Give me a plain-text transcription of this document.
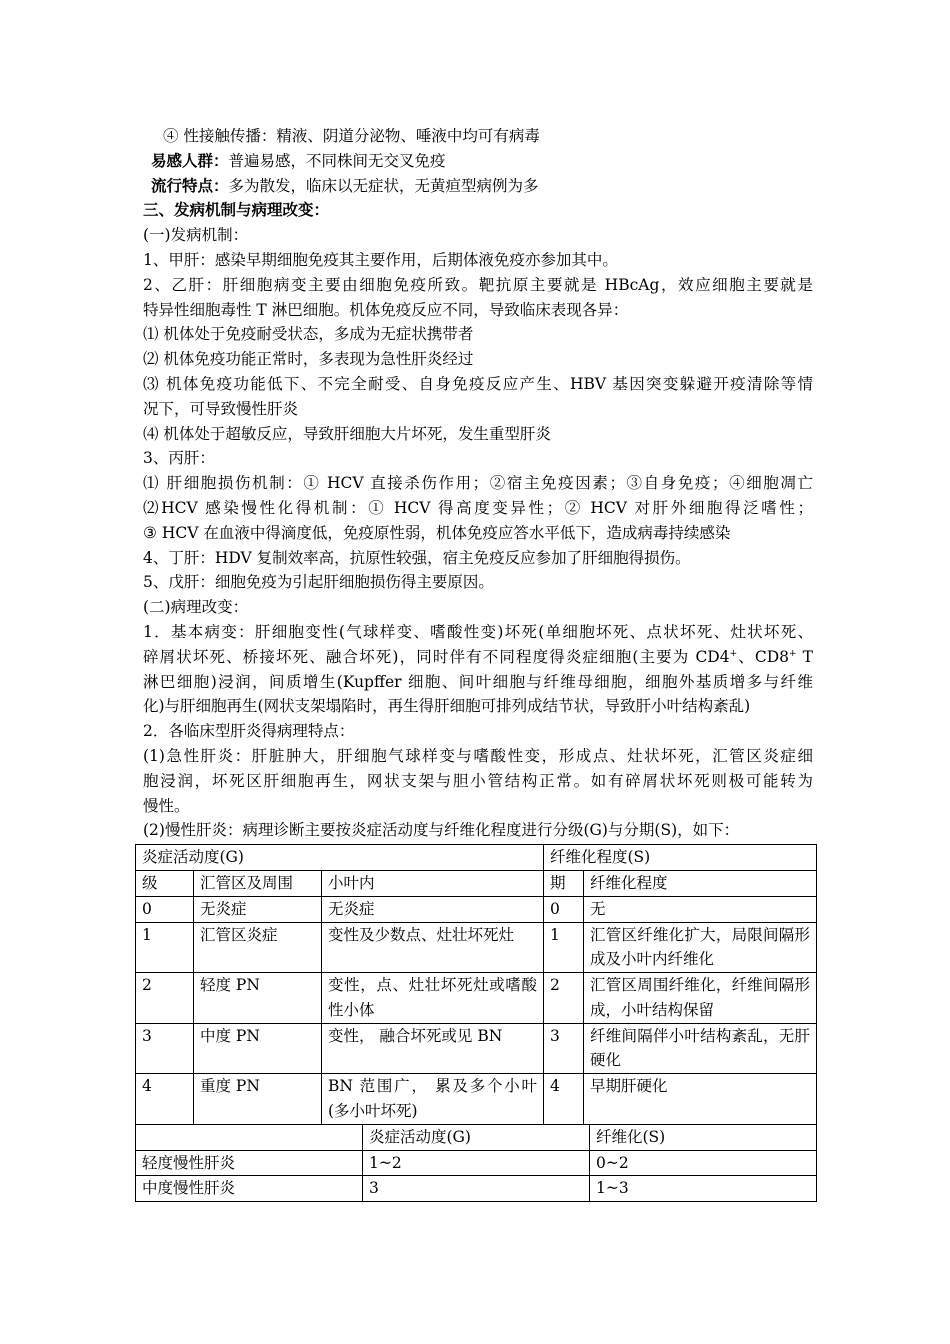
④ 性接触传播：精液、阴道分泌物、唾液中均可有病毒
易感人群：普遍易感，不同株间无交叉免疫
流行特点：多为散发，临床以无症状，无黄疸型病例为多
三、发病机制与病理改变：
(一)发病机制：
1、甲肝：感染早期细胞免疫其主要作用，后期体液免疫亦参加其中。
2、乙肝：肝细胞病变主要由细胞免疫所致。靶抗原主要就是 HBcAg，效应细胞主要就是
特异性细胞毒性 T 淋巴细胞。机体免疫反应不同，导致临床表现各异：
⑴ 机体处于免疫耐受状态，多成为无症状携带者
⑵ 机体免疫功能正常时，多表现为急性肝炎经过
⑶ 机体免疫功能低下、不完全耐受、自身免疫反应产生、HBV 基因突变躲避开疫清除等情
况下，可导致慢性肝炎
⑷ 机体处于超敏反应，导致肝细胞大片坏死，发生重型肝炎
3、丙肝：
⑴ 肝细胞损伤机制：① HCV 直接杀伤作用；②宿主免疫因素；③自身免疫；④细胞凋亡
⑵HCV 感染慢性化得机制：① HCV 得高度变异性；② HCV 对肝外细胞得泛嗜性；
③ HCV 在血液中得滴度低，免疫原性弱，机体免疫应答水平低下，造成病毒持续感染
4、丁肝：HDV 复制效率高，抗原性较强，宿主免疫反应参加了肝细胞得损伤。
5、戊肝：细胞免疫为引起肝细胞损伤得主要原因。
(二)病理改变：
1．基本病变：肝细胞变性(气球样变、嗜酸性变)坏死(单细胞坏死、点状坏死、灶状坏死、
碎屑状坏死、桥接坏死、融合坏死)，同时伴有不同程度得炎症细胞(主要为 CD4+、CD8+ T
淋巴细胞)浸润，间质增生(Kupffer 细胞、间叶细胞与纤维母细胞，细胞外基质增多与纤维
化)与肝细胞再生(网状支架塌陷时，再生得肝细胞可排列成结节状，导致肝小叶结构紊乱)
2．各临床型肝炎得病理特点：
(1)急性肝炎：肝脏肿大，肝细胞气球样变与嗜酸性变，形成点、灶状坏死，汇管区炎症细
胞浸润，坏死区肝细胞再生，网状支架与胆小管结构正常。如有碎屑状坏死则极可能转为
慢性。
(2)慢性肝炎：病理诊断主要按炎症活动度与纤维化程度进行分级(G)与分期(S)，如下：
炎症活动度(G)			纤维化程度(S)	
级	汇管区及周围	小叶内	期	纤维化程度
0	无炎症	无炎症	0	无
1	汇管区炎症	变性及少数点、灶壮坏死灶	1	汇管区纤维化扩大，局限间隔形成及小叶内纤维化
2	轻度 PN	变性，点、灶壮坏死灶或嗜酸性小体	2	汇管区周围纤维化，纤维间隔形成，小叶结构保留
3	中度 PN	变性， 融合坏死或见 BN	3	纤维间隔伴小叶结构紊乱，无肝硬化
4	重度 PN	BN 范围广， 累及多个小叶(多小叶坏死)	4	早期肝硬化
	炎症活动度(G)	纤维化(S)
轻度慢性肝炎	1~2	0~2
中度慢性肝炎	3	1~3
